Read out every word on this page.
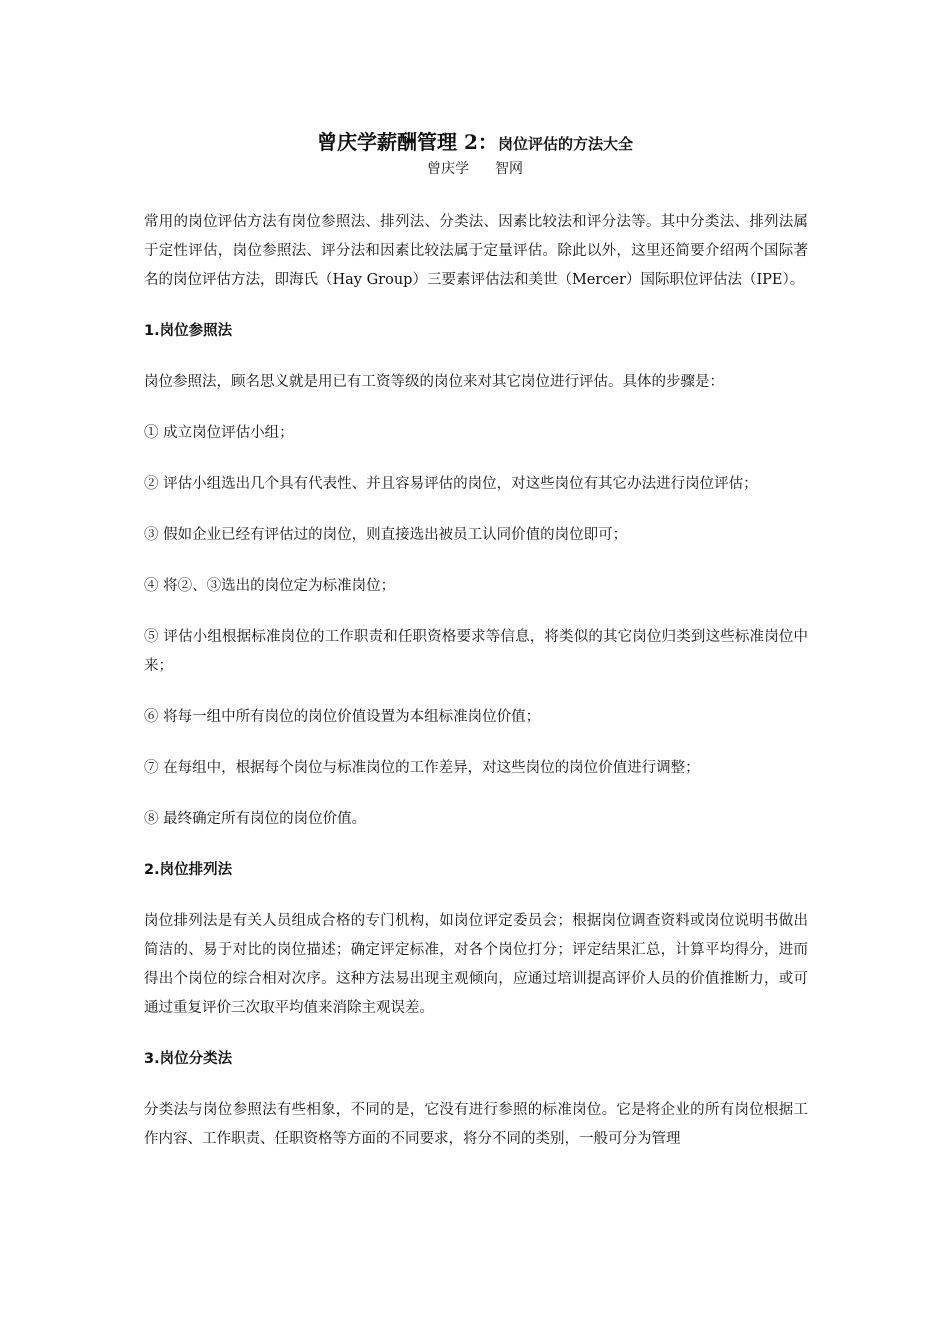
曾庆学薪酬管理 2：岗位评估的方法大全
曾庆学 智网

常用的岗位评估方法有岗位参照法、排列法、分类法、因素比较法和评分法等。其中分类法、排列法属于定性评估，岗位参照法、评分法和因素比较法属于定量评估。除此以外，这里还简要介绍两个国际著名的岗位评估方法，即海氏（Hay Group）三要素评估法和美世（Mercer）国际职位评估法（IPE）。

1.岗位参照法

岗位参照法，顾名思义就是用已有工资等级的岗位来对其它岗位进行评估。具体的步骤是：

① 成立岗位评估小组；

② 评估小组选出几个具有代表性、并且容易评估的岗位，对这些岗位有其它办法进行岗位评估；

③ 假如企业已经有评估过的岗位，则直接选出被员工认同价值的岗位即可；

④ 将②、③选出的岗位定为标准岗位；

⑤ 评估小组根据标准岗位的工作职责和任职资格要求等信息，将类似的其它岗位归类到这些标准岗位中来；

⑥ 将每一组中所有岗位的岗位价值设置为本组标准岗位价值；

⑦ 在每组中，根据每个岗位与标准岗位的工作差异，对这些岗位的岗位价值进行调整；

⑧ 最终确定所有岗位的岗位价值。

2.岗位排列法

岗位排列法是有关人员组成合格的专门机构，如岗位评定委员会；根据岗位调查资料或岗位说明书做出简洁的、易于对比的岗位描述；确定评定标准，对各个岗位打分；评定结果汇总，计算平均得分，进而得出个岗位的综合相对次序。这种方法易出现主观倾向，应通过培训提高评价人员的价值推断力，或可通过重复评价三次取平均值来消除主观误差。

3.岗位分类法

分类法与岗位参照法有些相象，不同的是，它没有进行参照的标准岗位。它是将企业的所有岗位根据工作内容、工作职责、任职资格等方面的不同要求，将分不同的类别，一般可分为管理
